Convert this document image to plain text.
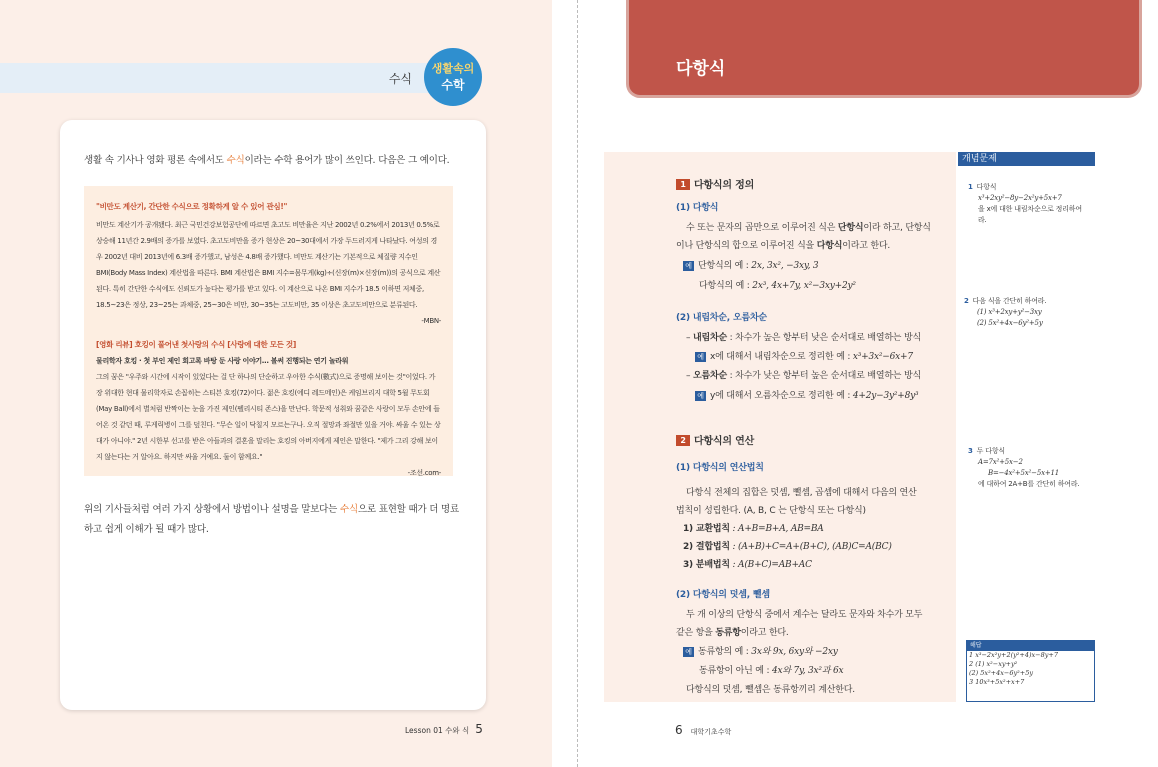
수식
생활속의
수학
생활 속 기사나 영화 평론 속에서도 수식이라는 수학 용어가 많이 쓰인다. 다음은 그 예이다.
"비만도 계산기, 간단한 수식으로 정확하게 알 수 있어 관심!"
비만도 계산기가 공개됐다. 최근 국민건강보험공단에 따르면 초고도 비만율은 지난 2002년 0.2%에서 2013년 0.5%로 상승해 11년간 2.9배의 증가를 보였다. 초고도비만을 증가 현상은 20~30대에서 가장 두드러지게 나타났다. 여성의 경우 2002년 대비 2013년에 6.3배 증가했고, 남성은 4.8배 증가했다. 비만도 계산기는 기본적으로 체질량 지수인 BMI(Body Mass Index) 계산법을 따른다. BMI 계산법은 BMI 지수=몸무게(kg)÷(신장(m)×신장(m))의 공식으로 계산된다. 특히 간단한 수식에도 신뢰도가 높다는 평가를 받고 있다. 이 계산으로 나온 BMI 지수가 18.5 이하면 저체중, 18.5~23은 정상, 23~25는 과체중, 25~30은 비만, 30~35는 고도비만, 35 이상은 초고도비만으로 분류된다.
-MBN-
[영화 리뷰] 호킹이 풀어낸 첫사랑의 수식 [사랑에 대한 모든 것]
물리학자 호킹 · 첫 부인 제인 회고록 바탕 둔 사랑 이야기… 볼써 진행되는 연기 놀라워
그의 꿈은 "우주와 시간에 시작이 있었다는 걸 단 하나의 단순하고 우아한 수식(數式)으로 증명해 보이는 것"이었다. 가장 위대한 현대 물리학자로 손꼽히는 스티븐 호킹(72)이다. 젊은 호킹(에디 레드메인)은 케임브리지 대학 5월 무도회(May Ball)에서 별처럼 반짝이는 눈을 가진 제인(펠리시티 존스)을 만난다. 학문적 성취와 꿈같은 사랑이 모두 손안에 들어온 것 같던 때, 루게릭병이 그를 덮친다. "무슨 일이 닥칠지 모르는구나. 오직 절망과 좌절만 있을 거야. 싸울 수 있는 상대가 아니야." 2년 시한부 선고를 받은 아들과의 결혼을 말리는 호킹의 아버지에게 제인은 말한다. "제가 그리 강해 보이지 않는다는 거 알아요. 하지만 싸울 거예요. 둘이 함께요."
-조선.com-
위의 기사들처럼 여러 가지 상황에서 방법이나 설명을 말보다는 수식으로 표현할 때가 더 명료하고 쉽게 이해가 될 때가 많다.
Lesson 01 수와 식 5
다항식
1 다항식의 정의
(1) 다항식
수 또는 문자의 곱만으로 이루어진 식은 단항식이라 하고, 단항식
이나 단항식의 합으로 이루어진 식을 다항식이라고 한다.
예 단항식의 예 : 2x, 3x², −3xy, 3
다항식의 예 : 2x³, 4x+7y, x²−3xy+2y²
(2) 내림차순, 오름차순
– 내림차순 : 차수가 높은 항부터 낮은 순서대로 배열하는 방식
예 x에 대해서 내림차순으로 정리한 예 : x³+3x²−6x+7
– 오름차순 : 차수가 낮은 항부터 높은 순서대로 배열하는 방식
예 y에 대해서 오름차순으로 정리한 예 : 4+2y−3y²+8y³
2 다항식의 연산
(1) 다항식의 연산법칙
다항식 전체의 집합은 덧셈, 뺄셈, 곱셈에 대해서 다음의 연산
법칙이 성립한다. (A, B, C 는 단항식 또는 다항식)
1) 교환법칙 : A+B=B+A, AB=BA
2) 결합법칙 : (A+B)+C=A+(B+C), (AB)C=A(BC)
3) 분배법칙 : A(B+C)=AB+AC
(2) 다항식의 덧셈, 뺄셈
두 개 이상의 단항식 중에서 계수는 달라도 문자와 차수가 모두
같은 항을 동류항이라고 한다.
예 동류항의 예 : 3x와 9x, 6xy와 −2xy
동류항이 아닌 예 : 4x와 7y, 3x²과 6x
다항식의 덧셈, 뺄셈은 동류항끼리 계산한다.
개념문제
1 다항식
x³+2xy²−8y−2x²y+5x+7
을 x에 대한 내림차순으로 정리하여
라.
2 다음 식을 간단히 하여라.
(1) x³+2xy+y²−3xy
(2) 5x²+4x−6y²+5y
3 두 다항식
A=7x²+5x−2
B=−4x²+5x²−5x+11
에 대하여 2A+B를 간단히 하여라.
해답
1 x³−2x²y+2(y²+4)x−8y+7
2 (1) x²−xy+y²
(2) 5x²+4x−6y²+5y
3 10x³+5x²+x+7
6 대학기초수학
